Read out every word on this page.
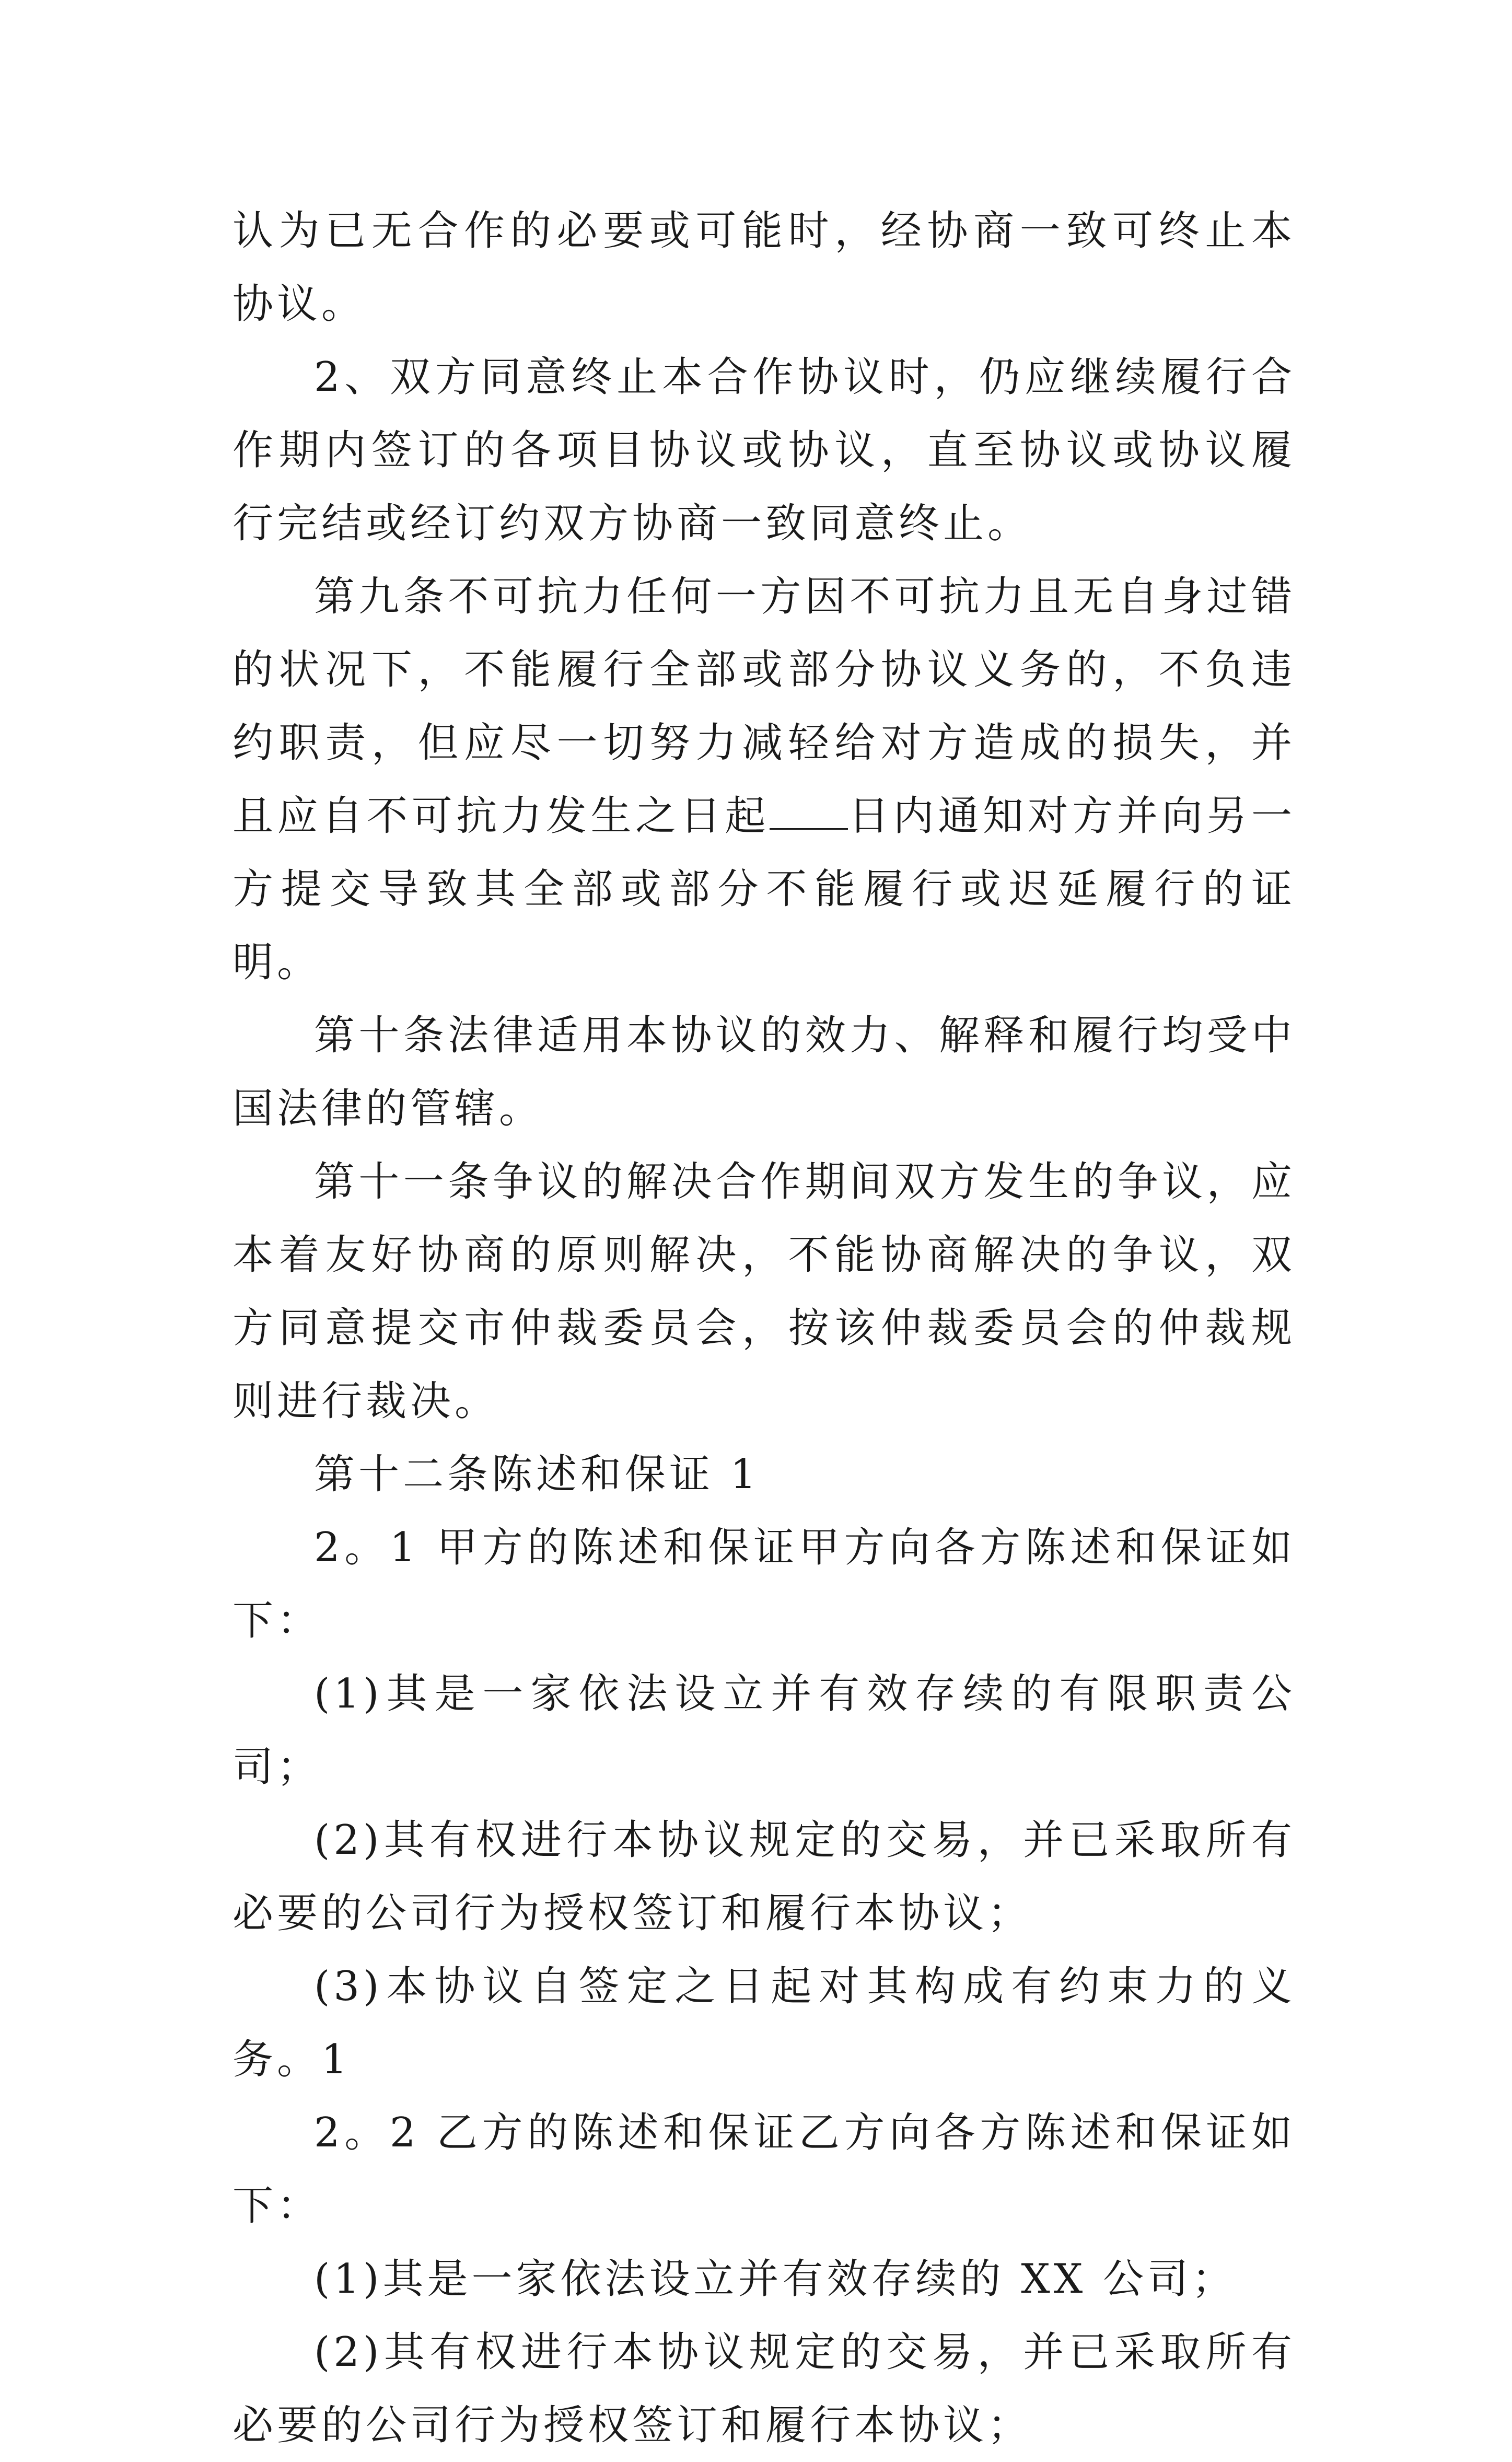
认为已无合作的必要或可能时，经协商一致可终止本协议。

2、双方同意终止本合作协议时，仍应继续履行合作期内签订的各项目协议或协议，直至协议或协议履行完结或经订约双方协商一致同意终止。

第九条不可抗力任何一方因不可抗力且无自身过错的状况下，不能履行全部或部分协议义务的，不负违约职责，但应尽一切努力减轻给对方造成的损失，并且应自不可抗力发生之日起 日内通知对方并向另一方提交导致其全部或部分不能履行或迟延履行的证明。

第十条法律适用本协议的效力、解释和履行均受中国法律的管辖。

第十一条争议的解决合作期间双方发生的争议，应本着友好协商的原则解决，不能协商解决的争议，双方同意提交市仲裁委员会，按该仲裁委员会的仲裁规则进行裁决。

第十二条陈述和保证 1

2。1 甲方的陈述和保证甲方向各方陈述和保证如下：

(1)其是一家依法设立并有效存续的有限职责公司；

(2)其有权进行本协议规定的交易，并已采取所有必要的公司行为授权签订和履行本协议；

(3)本协议自签定之日起对其构成有约束力的义务。1

2。2 乙方的陈述和保证乙方向各方陈述和保证如下：

(1)其是一家依法设立并有效存续的 XX 公司；

(2)其有权进行本协议规定的交易，并已采取所有必要的公司行为授权签订和履行本协议；
